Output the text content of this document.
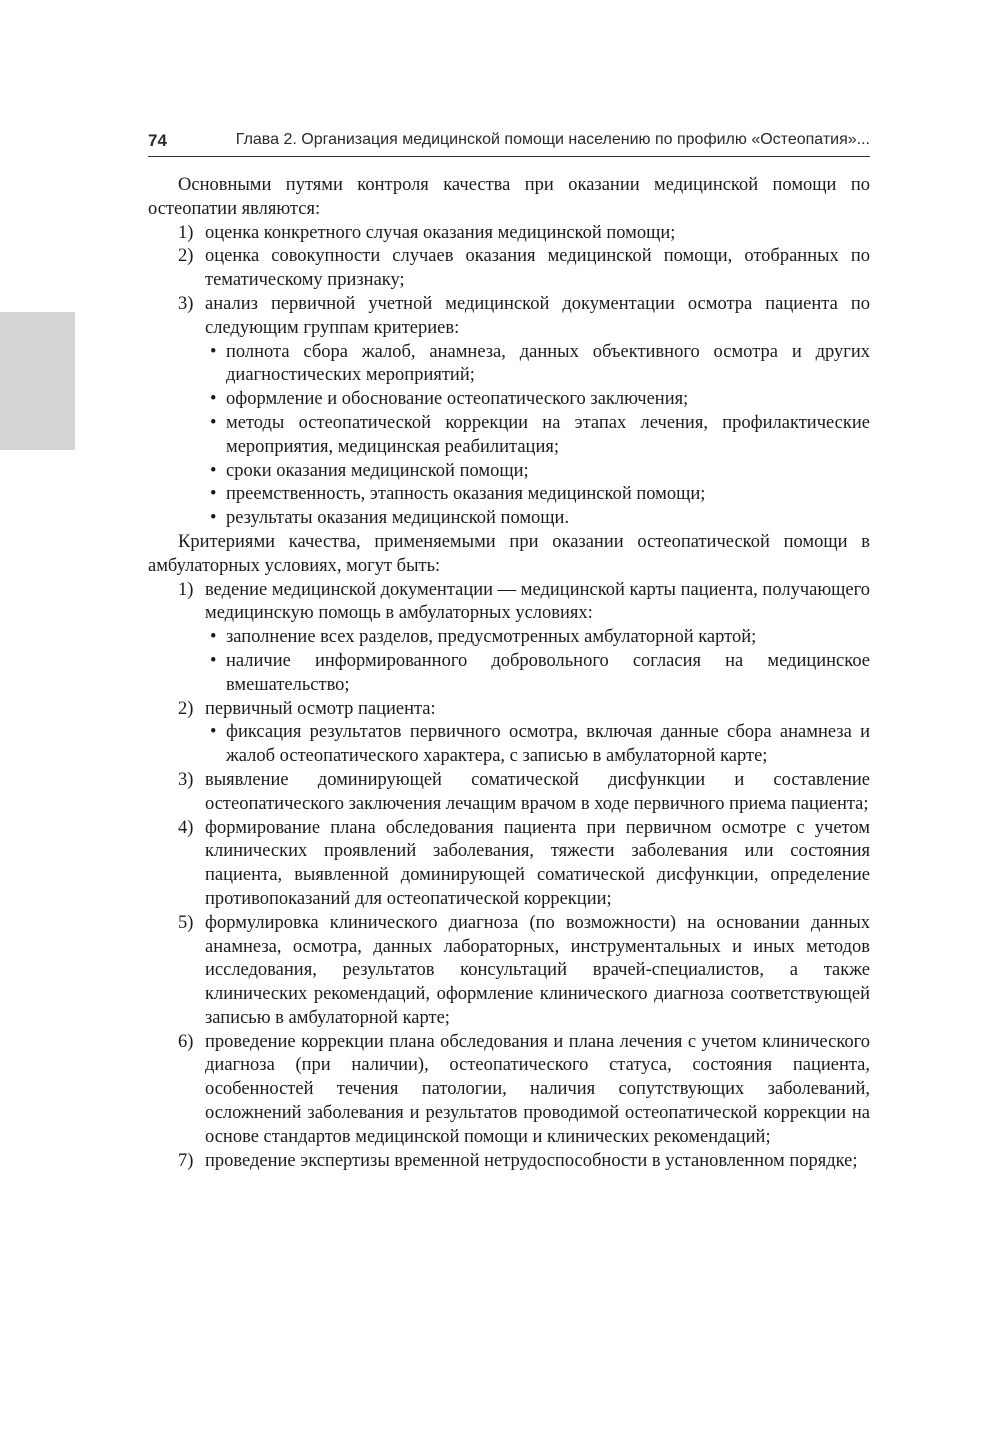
74	Глава 2. Организация медицинской помощи населению по профилю «Остеопатия»...

Основными путями контроля качества при оказании медицинской помощи по остеопатии являются:

1) оценка конкретного случая оказания медицинской помощи;

2) оценка совокупности случаев оказания медицинской помощи, отобранных по тематическому признаку;

3) анализ первичной учетной медицинской документации осмотра пациента по следующим группам критериев:

• полнота сбора жалоб, анамнеза, данных объективного осмотра и других диагностических мероприятий;

• оформление и обоснование остеопатического заключения;

• методы остеопатической коррекции на этапах лечения, профилактические мероприятия, медицинская реабилитация;

• сроки оказания медицинской помощи;

• преемственность, этапность оказания медицинской помощи;

• результаты оказания медицинской помощи.

Критериями качества, применяемыми при оказании остеопатической помощи в амбулаторных условиях, могут быть:

1) ведение медицинской документации — медицинской карты пациента, получающего медицинскую помощь в амбулаторных условиях:

• заполнение всех разделов, предусмотренных амбулаторной картой;

• наличие информированного добровольного согласия на медицинское вмешательство;

2) первичный осмотр пациента:

• фиксация результатов первичного осмотра, включая данные сбора анамнеза и жалоб остеопатического характера, с записью в амбулаторной карте;

3) выявление доминирующей соматической дисфункции и составление остеопатического заключения лечащим врачом в ходе первичного приема пациента;

4) формирование плана обследования пациента при первичном осмотре с учетом клинических проявлений заболевания, тяжести заболевания или состояния пациента, выявленной доминирующей соматической дисфункции, определение противопоказаний для остеопатической коррекции;

5) формулировка клинического диагноза (по возможности) на основании данных анамнеза, осмотра, данных лабораторных, инструментальных и иных методов исследования, результатов консультаций врачей-специалистов, а также клинических рекомендаций, оформление клинического диагноза соответствующей записью в амбулаторной карте;

6) проведение коррекции плана обследования и плана лечения с учетом клинического диагноза (при наличии), остеопатического статуса, состояния пациента, особенностей течения патологии, наличия сопутствующих заболеваний, осложнений заболевания и результатов проводимой остеопатической коррекции на основе стандартов медицинской помощи и клинических рекомендаций;

7) проведение экспертизы временной нетрудоспособности в установленном порядке;
